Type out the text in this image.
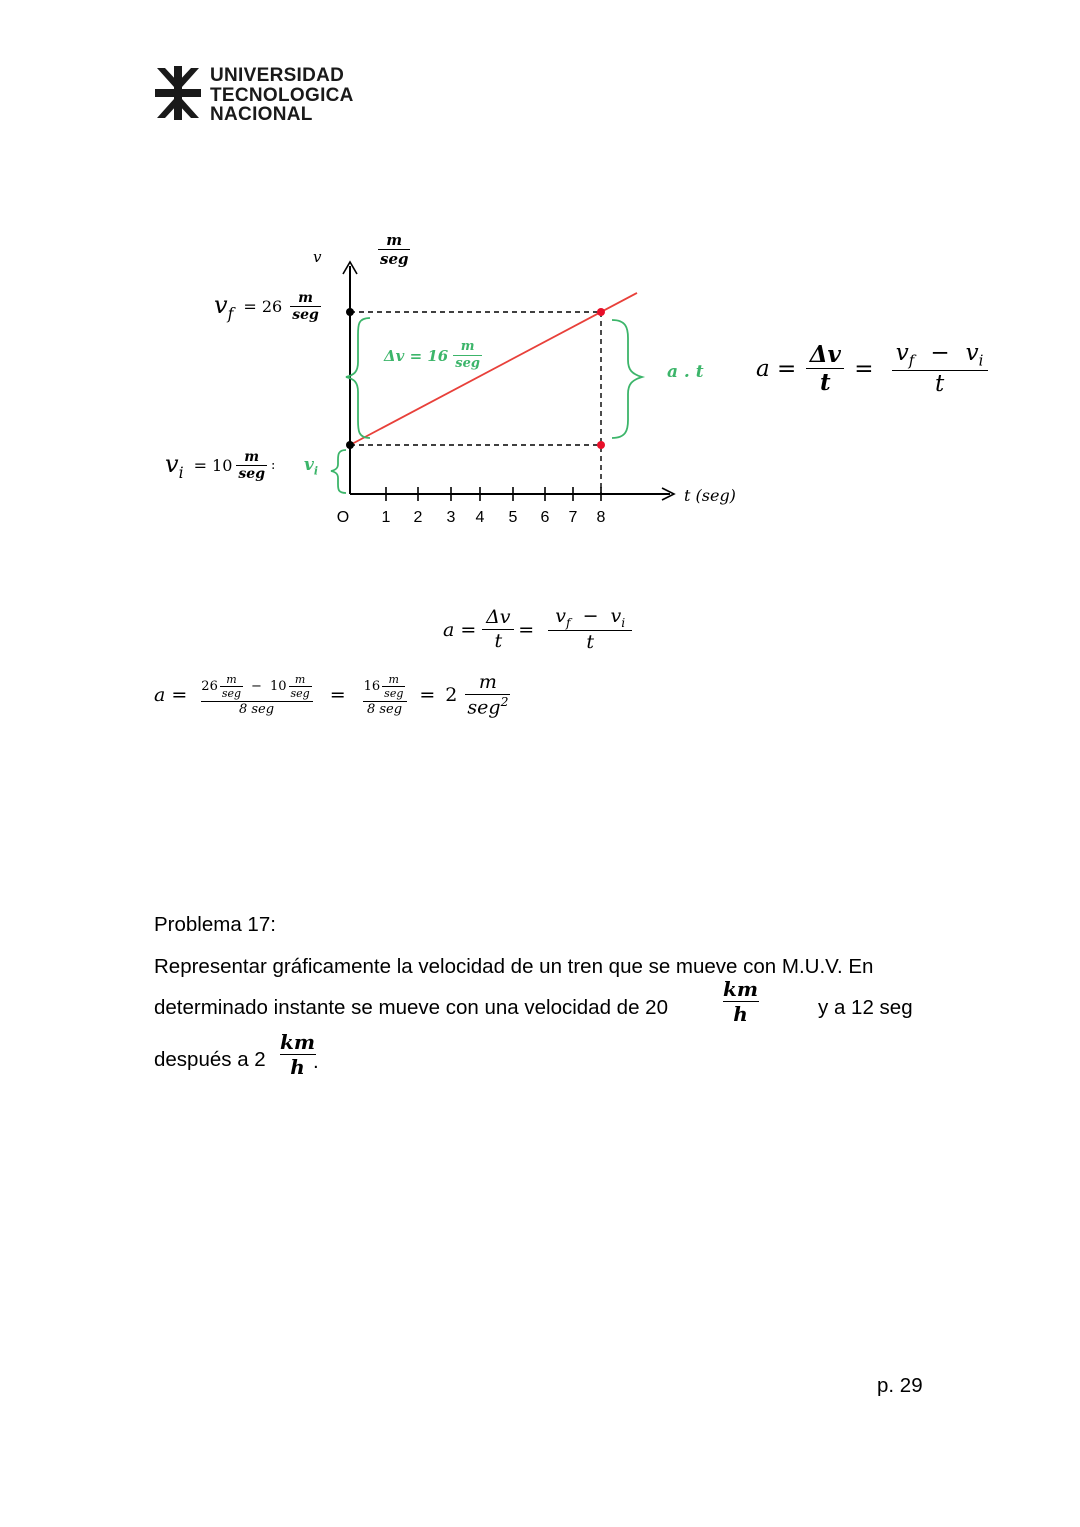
UNIVERSIDAD
TECNOLOGICA
NACIONAL
1 2 3 4 5 6 7 8
O
v
m
seg
$v_f = 26 \frac{m}{\text{seg}}$
$v_i = 10 \frac{m}{\text{seg}}$ : $v_i$
$\Delta v = 16 \frac{m}{\text{seg}}$
a . t
t (seg)
$a = \frac{\Delta v}{t} = \frac{v_f - v_i}{t}$
$a = \frac{\Delta v}{t} = \frac{v_f - v_i}{t}$
$a = \frac{26 \frac{m}{\text{seg}} - 10 \frac{m}{\text{seg}}}{\text{8 seg}} = \frac{16 \frac{m}{\text{seg}}}{\text{8 seg}} = 2 \frac{m}{seg^2}$
Problema 17:
Representar gráficamente la velocidad de un tren que se mueve con M.U.V. En
determinado instante se mueve con una velocidad de 20	$\frac{km}{h}$	y a 12 seg
después a $2 \frac{km}{h}$
.
p. 29
